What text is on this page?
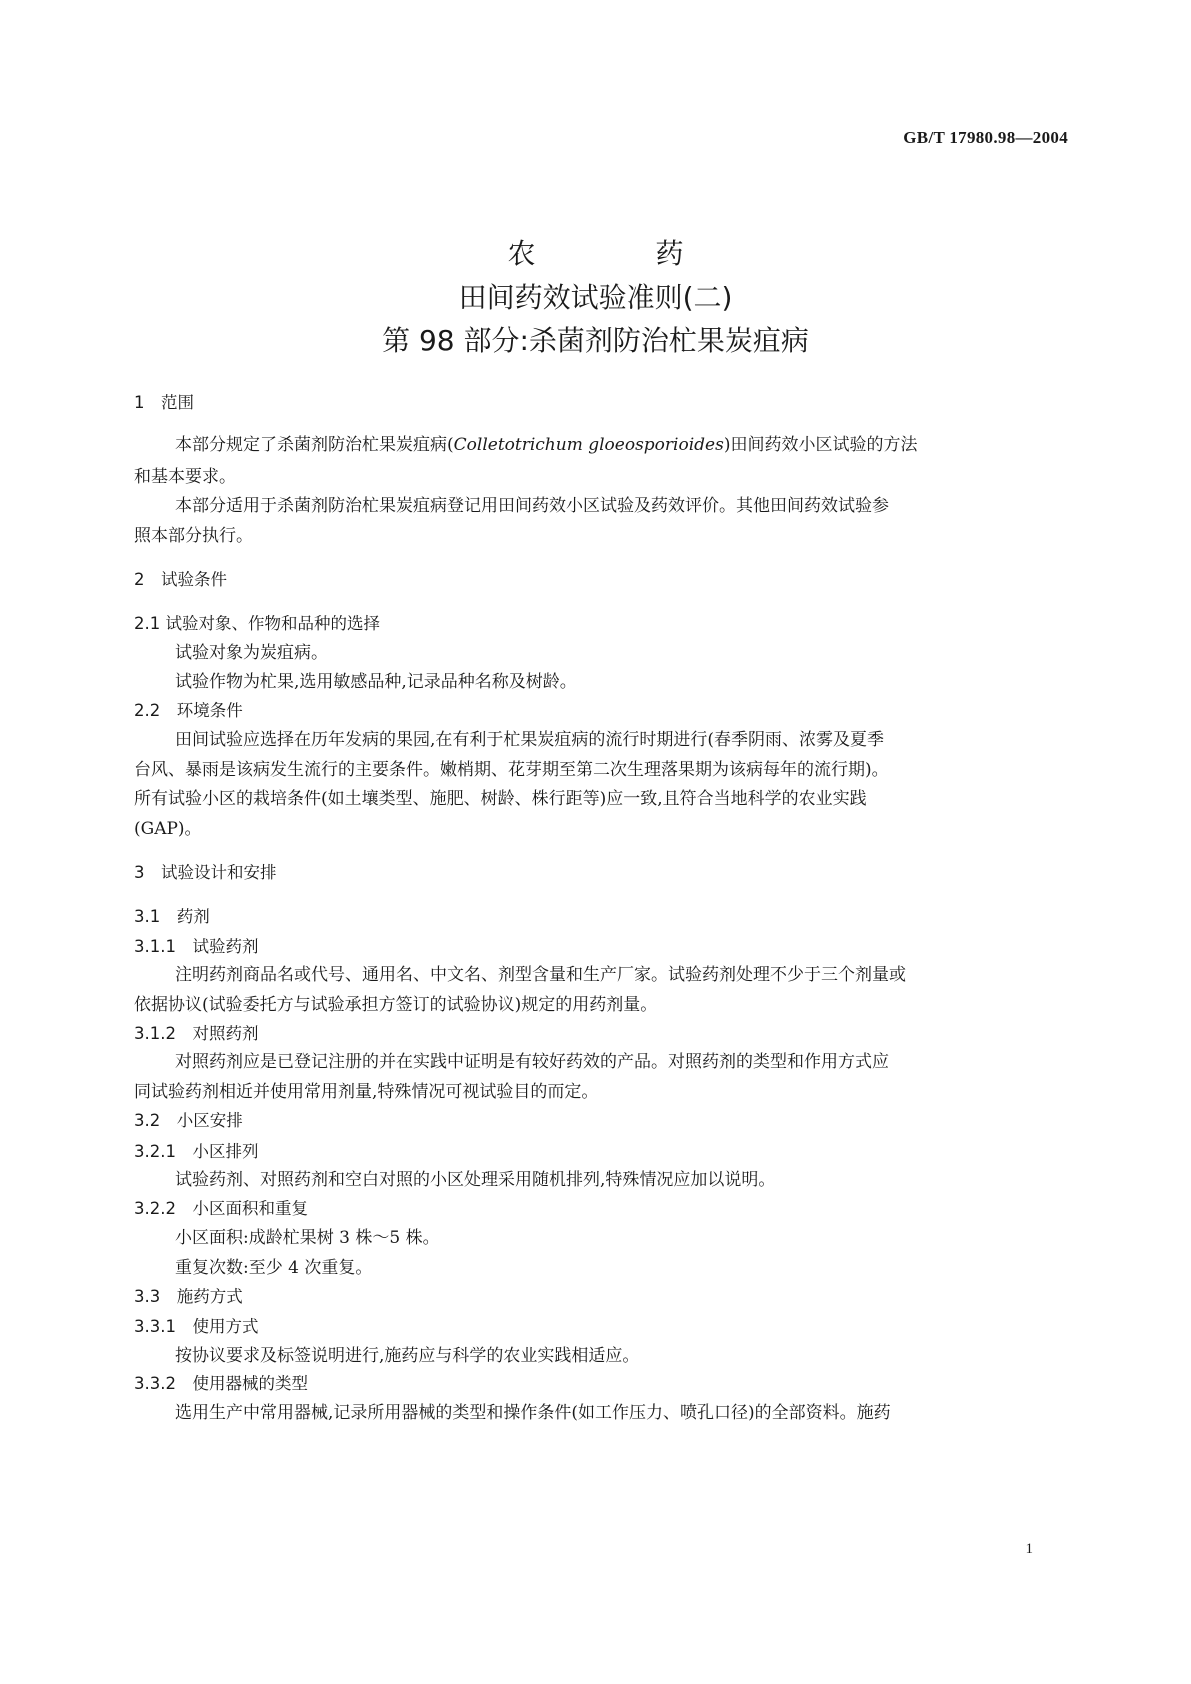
GB/T 17980.98—2004
农　药
田间药效试验准则(二)
第 98 部分:杀菌剂防治杧果炭疽病
1　范围
本部分规定了杀菌剂防治杧果炭疽病(Colletotrichum gloeosporioides)田间药效小区试验的方法
和基本要求。
本部分适用于杀菌剂防治杧果炭疽病登记用田间药效小区试验及药效评价。其他田间药效试验参
照本部分执行。
2　试验条件
2.1 试验对象、作物和品种的选择
试验对象为炭疽病。
试验作物为杧果,选用敏感品种,记录品种名称及树龄。
2.2　环境条件
田间试验应选择在历年发病的果园,在有利于杧果炭疽病的流行时期进行(春季阴雨、浓雾及夏季
台风、暴雨是该病发生流行的主要条件。嫩梢期、花芽期至第二次生理落果期为该病每年的流行期)。
所有试验小区的栽培条件(如土壤类型、施肥、树龄、株行距等)应一致,且符合当地科学的农业实践
(GAP)。
3　试验设计和安排
3.1　药剂
3.1.1　试验药剂
注明药剂商品名或代号、通用名、中文名、剂型含量和生产厂家。试验药剂处理不少于三个剂量或
依据协议(试验委托方与试验承担方签订的试验协议)规定的用药剂量。
3.1.2　对照药剂
对照药剂应是已登记注册的并在实践中证明是有较好药效的产品。对照药剂的类型和作用方式应
同试验药剂相近并使用常用剂量,特殊情况可视试验目的而定。
3.2　小区安排
3.2.1　小区排列
试验药剂、对照药剂和空白对照的小区处理采用随机排列,特殊情况应加以说明。
3.2.2　小区面积和重复
小区面积:成龄杧果树 3 株～5 株。
重复次数:至少 4 次重复。
3.3　施药方式
3.3.1　使用方式
按协议要求及标签说明进行,施药应与科学的农业实践相适应。
3.3.2　使用器械的类型
选用生产中常用器械,记录所用器械的类型和操作条件(如工作压力、喷孔口径)的全部资料。施药
1
